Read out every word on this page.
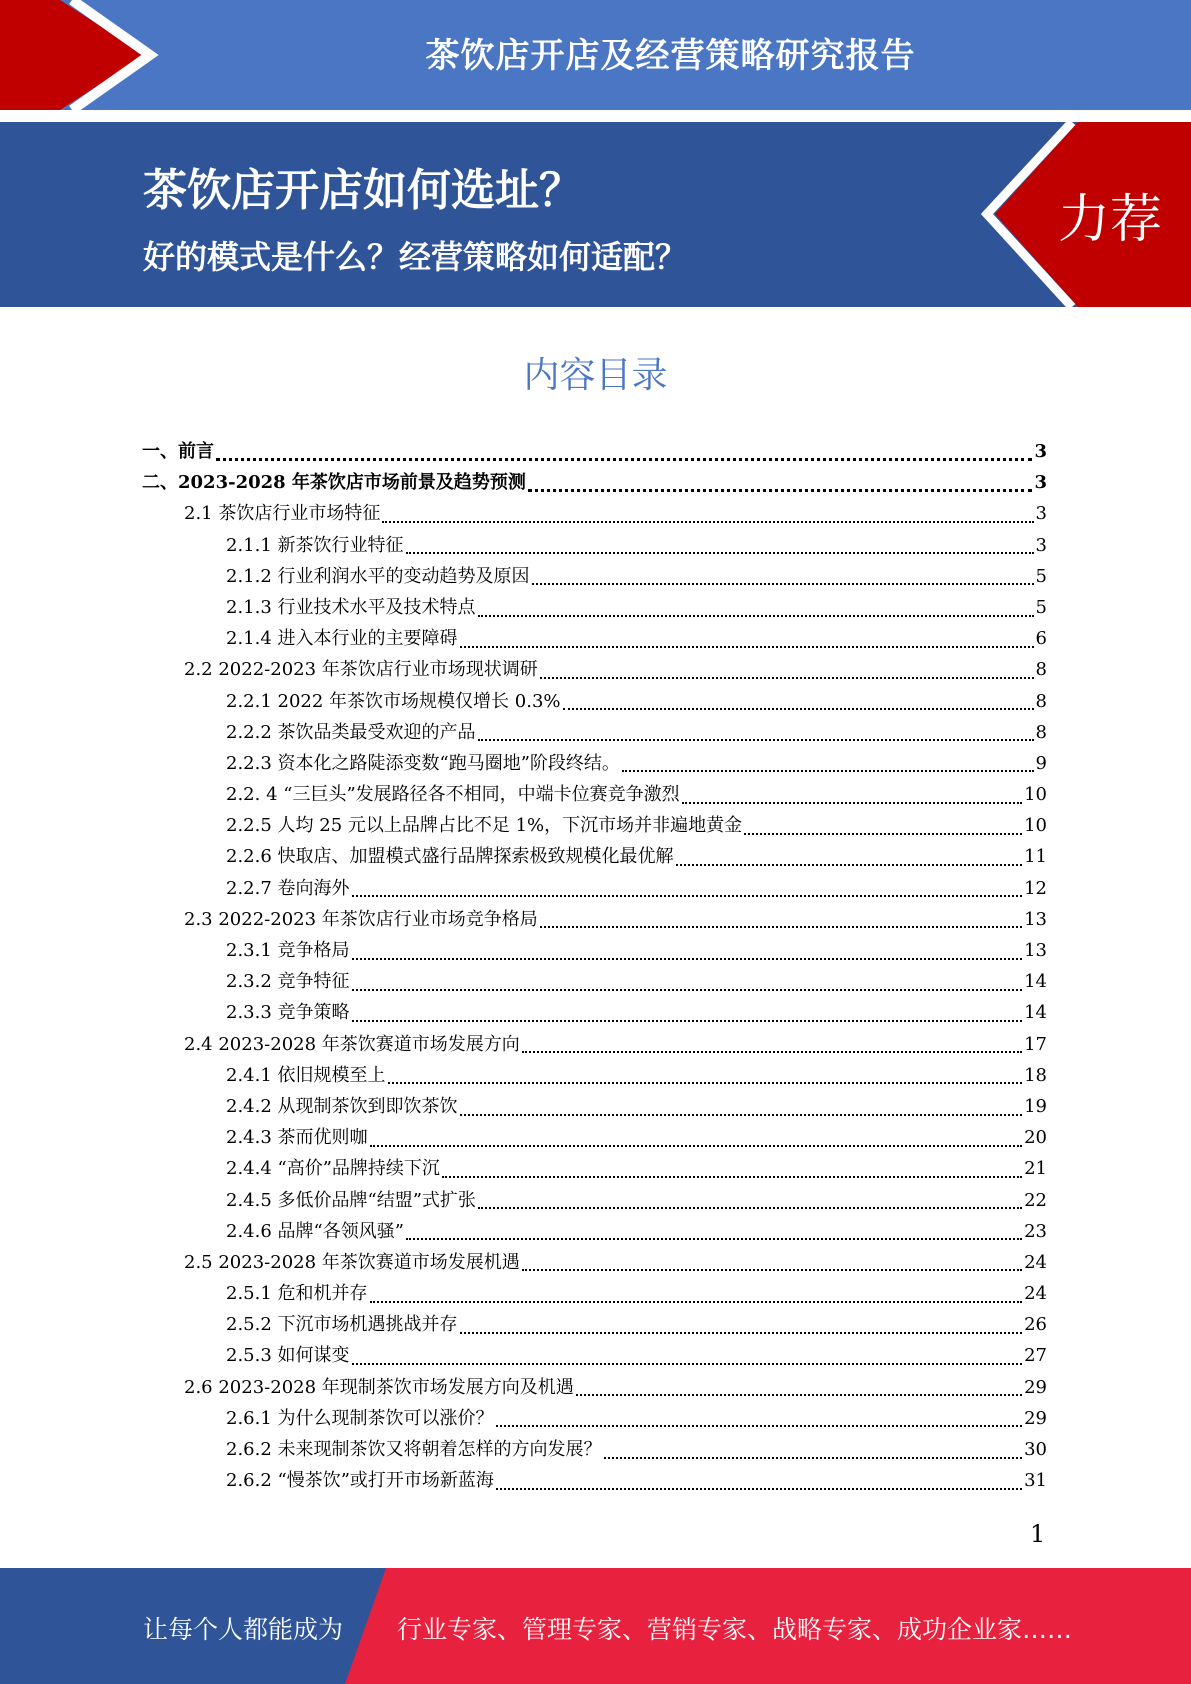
茶饮店开店及经营策略研究报告
茶饮店开店如何选址？
好的模式是什么？经营策略如何适配？
力荐
内容目录
一、前言	3
二、2023-2028 年茶饮店市场前景及趋势预测	3
2.1 茶饮店行业市场特征	3
2.1.1 新茶饮行业特征	3
2.1.2 行业利润水平的变动趋势及原因	5
2.1.3 行业技术水平及技术特点	5
2.1.4 进入本行业的主要障碍	6
2.2 2022-2023 年茶饮店行业市场现状调研	8
2.2.1 2022 年茶饮市场规模仅增长 0.3%	8
2.2.2 茶饮品类最受欢迎的产品	8
2.2.3 资本化之路陡添变数“跑马圈地”阶段终结。	9
2.2. 4 “三巨头”发展路径各不相同，中端卡位赛竞争激烈	10
2.2.5 人均 25 元以上品牌占比不足 1%，下沉市场并非遍地黄金	10
2.2.6 快取店、加盟模式盛行品牌探索极致规模化最优解	11
2.2.7 卷向海外	12
2.3 2022-2023 年茶饮店行业市场竞争格局	13
2.3.1 竞争格局	13
2.3.2 竞争特征	14
2.3.3 竞争策略	14
2.4 2023-2028 年茶饮赛道市场发展方向	17
2.4.1 依旧规模至上	18
2.4.2 从现制茶饮到即饮茶饮	19
2.4.3 茶而优则咖	20
2.4.4 “高价”品牌持续下沉	21
2.4.5 多低价品牌“结盟”式扩张	22
2.4.6 品牌“各领风骚”	23
2.5 2023-2028 年茶饮赛道市场发展机遇	24
2.5.1 危和机并存	24
2.5.2 下沉市场机遇挑战并存	26
2.5.3 如何谋变	27
2.6 2023-2028 年现制茶饮市场发展方向及机遇	29
2.6.1 为什么现制茶饮可以涨价？	29
2.6.2 未来现制茶饮又将朝着怎样的方向发展？	30
2.6.2 “慢茶饮”或打开市场新蓝海	31
1
让每个人都能成为 行业专家、管理专家、营销专家、战略专家、成功企业家……
